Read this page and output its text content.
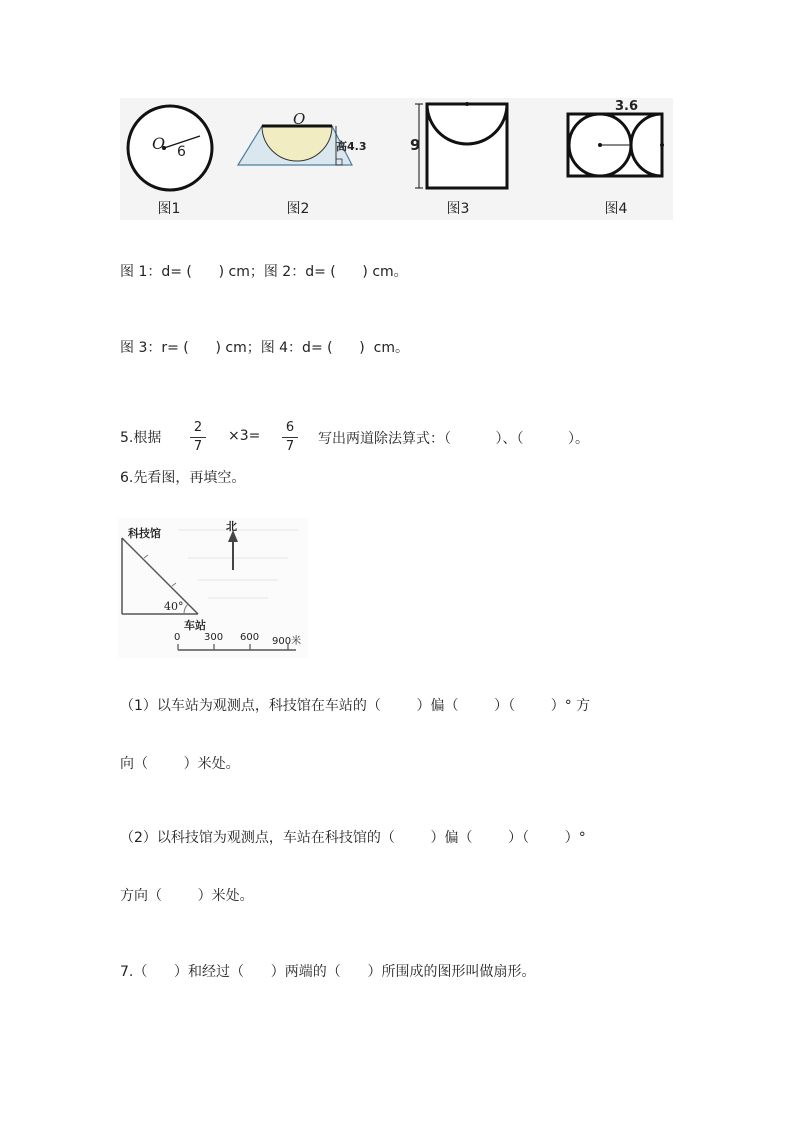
O 6
O
高4.3	9
3.6
图1	图2	图3	图4
图 1：d= (      ) cm；图 2：d= (      ) cm。
图 3：r= (      ) cm；图 4：d= (      )  cm。
5.根据
2
7
×3=
6
7 写出两道除法算式：（          ）、（          ）。
6.先看图，再填空。
北
科技馆
40°
车站
0 300 600 900米
（1）以车站为观测点，科技馆在车站的（        ）偏（        ）（        ）° 方
向（        ）米处。
（2）以科技馆为观测点，车站在科技馆的（        ）偏（        ）（        ）°
方向（        ）米处。
7.（      ）和经过（      ）两端的（      ）所围成的图形叫做扇形。
